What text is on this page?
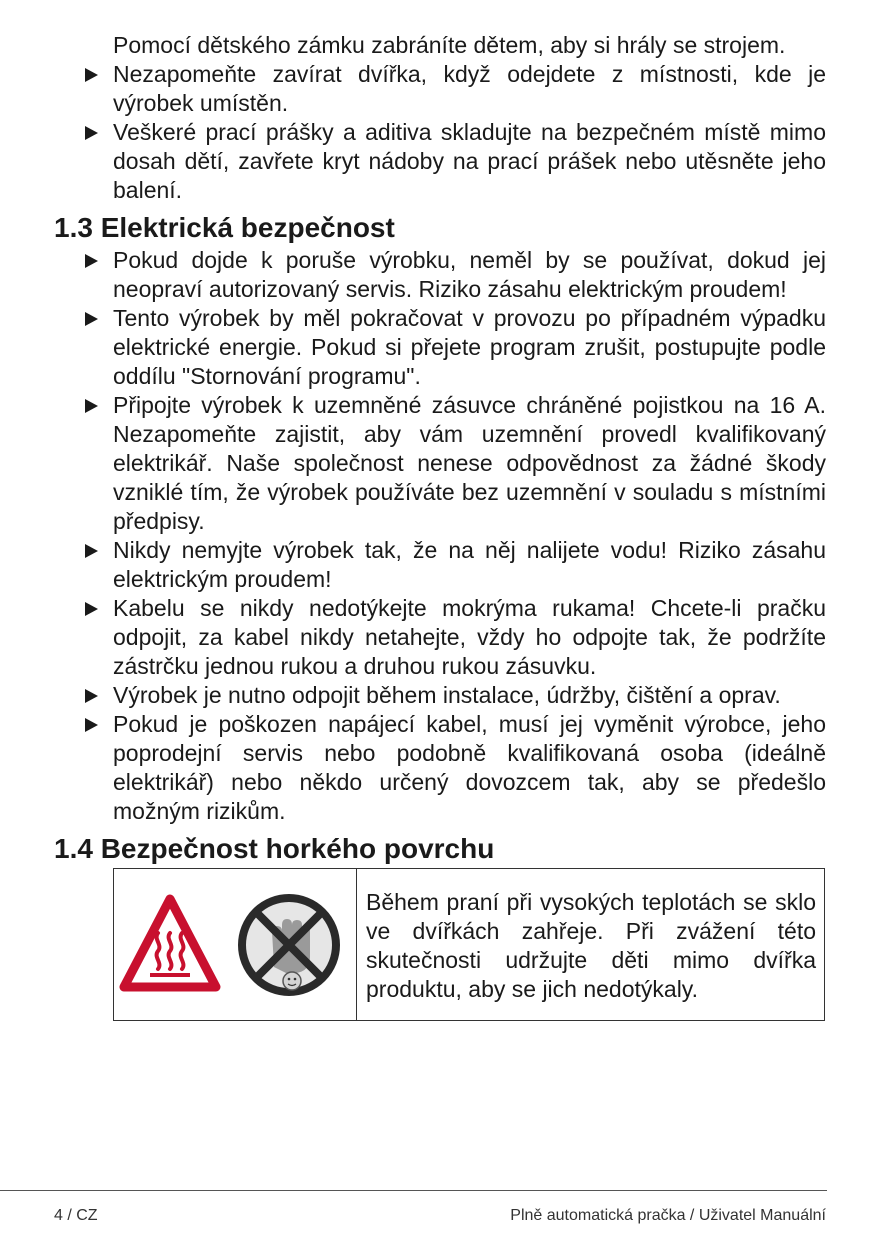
Pomocí dětského zámku zabráníte dětem, aby si hrály se strojem.

Nezapomeňte zavírat dvířka, když odejdete z místnosti, kde je výrobek umístěn.
Veškeré prací prášky a aditiva skladujte na bezpečném místě mimo dosah dětí, zavřete kryt nádoby na prací prášek nebo utěsněte jeho balení.
1.3 Elektrická bezpečnost
Pokud dojde k poruše výrobku, neměl by se používat, dokud jej neopraví autorizovaný servis. Riziko zásahu elektrickým proudem!
Tento výrobek by měl pokračovat v provozu po případném výpadku elektrické energie. Pokud si přejete program zrušit, postupujte podle oddílu "Stornování programu".
Připojte výrobek k uzemněné zásuvce chráněné pojistkou na 16 A. Nezapomeňte zajistit, aby vám uzemnění provedl kvalifikovaný elektrikář. Naše společnost nenese odpovědnost za žádné škody vzniklé tím, že výrobek používáte bez uzemnění v souladu s místními předpisy.
Nikdy nemyjte výrobek tak, že na něj nalijete vodu! Riziko zásahu elektrickým proudem!
Kabelu se nikdy nedotýkejte mokrýma rukama! Chcete-li pračku odpojit, za kabel nikdy netahejte, vždy ho odpojte tak, že podržíte zástrčku jednou rukou a druhou rukou zásuvku.
Výrobek je nutno odpojit během instalace, údržby, čištění a oprav.
Pokud je poškozen napájecí kabel, musí jej vyměnit výrobce, jeho poprodejní servis nebo podobně kvalifikovaná osoba (ideálně elektrikář) nebo někdo určený dovozcem tak, aby se předešlo možným rizikům.
1.4 Bezpečnost horkého povrchu
Během praní při vysokých teplotách se sklo ve dvířkách zahřeje. Při zvážení této skutečnosti udržujte děti mimo dvířka produktu, aby se jich nedotýkaly.
4 / CZ	Plně automatická pračka / Uživatel Manuální
